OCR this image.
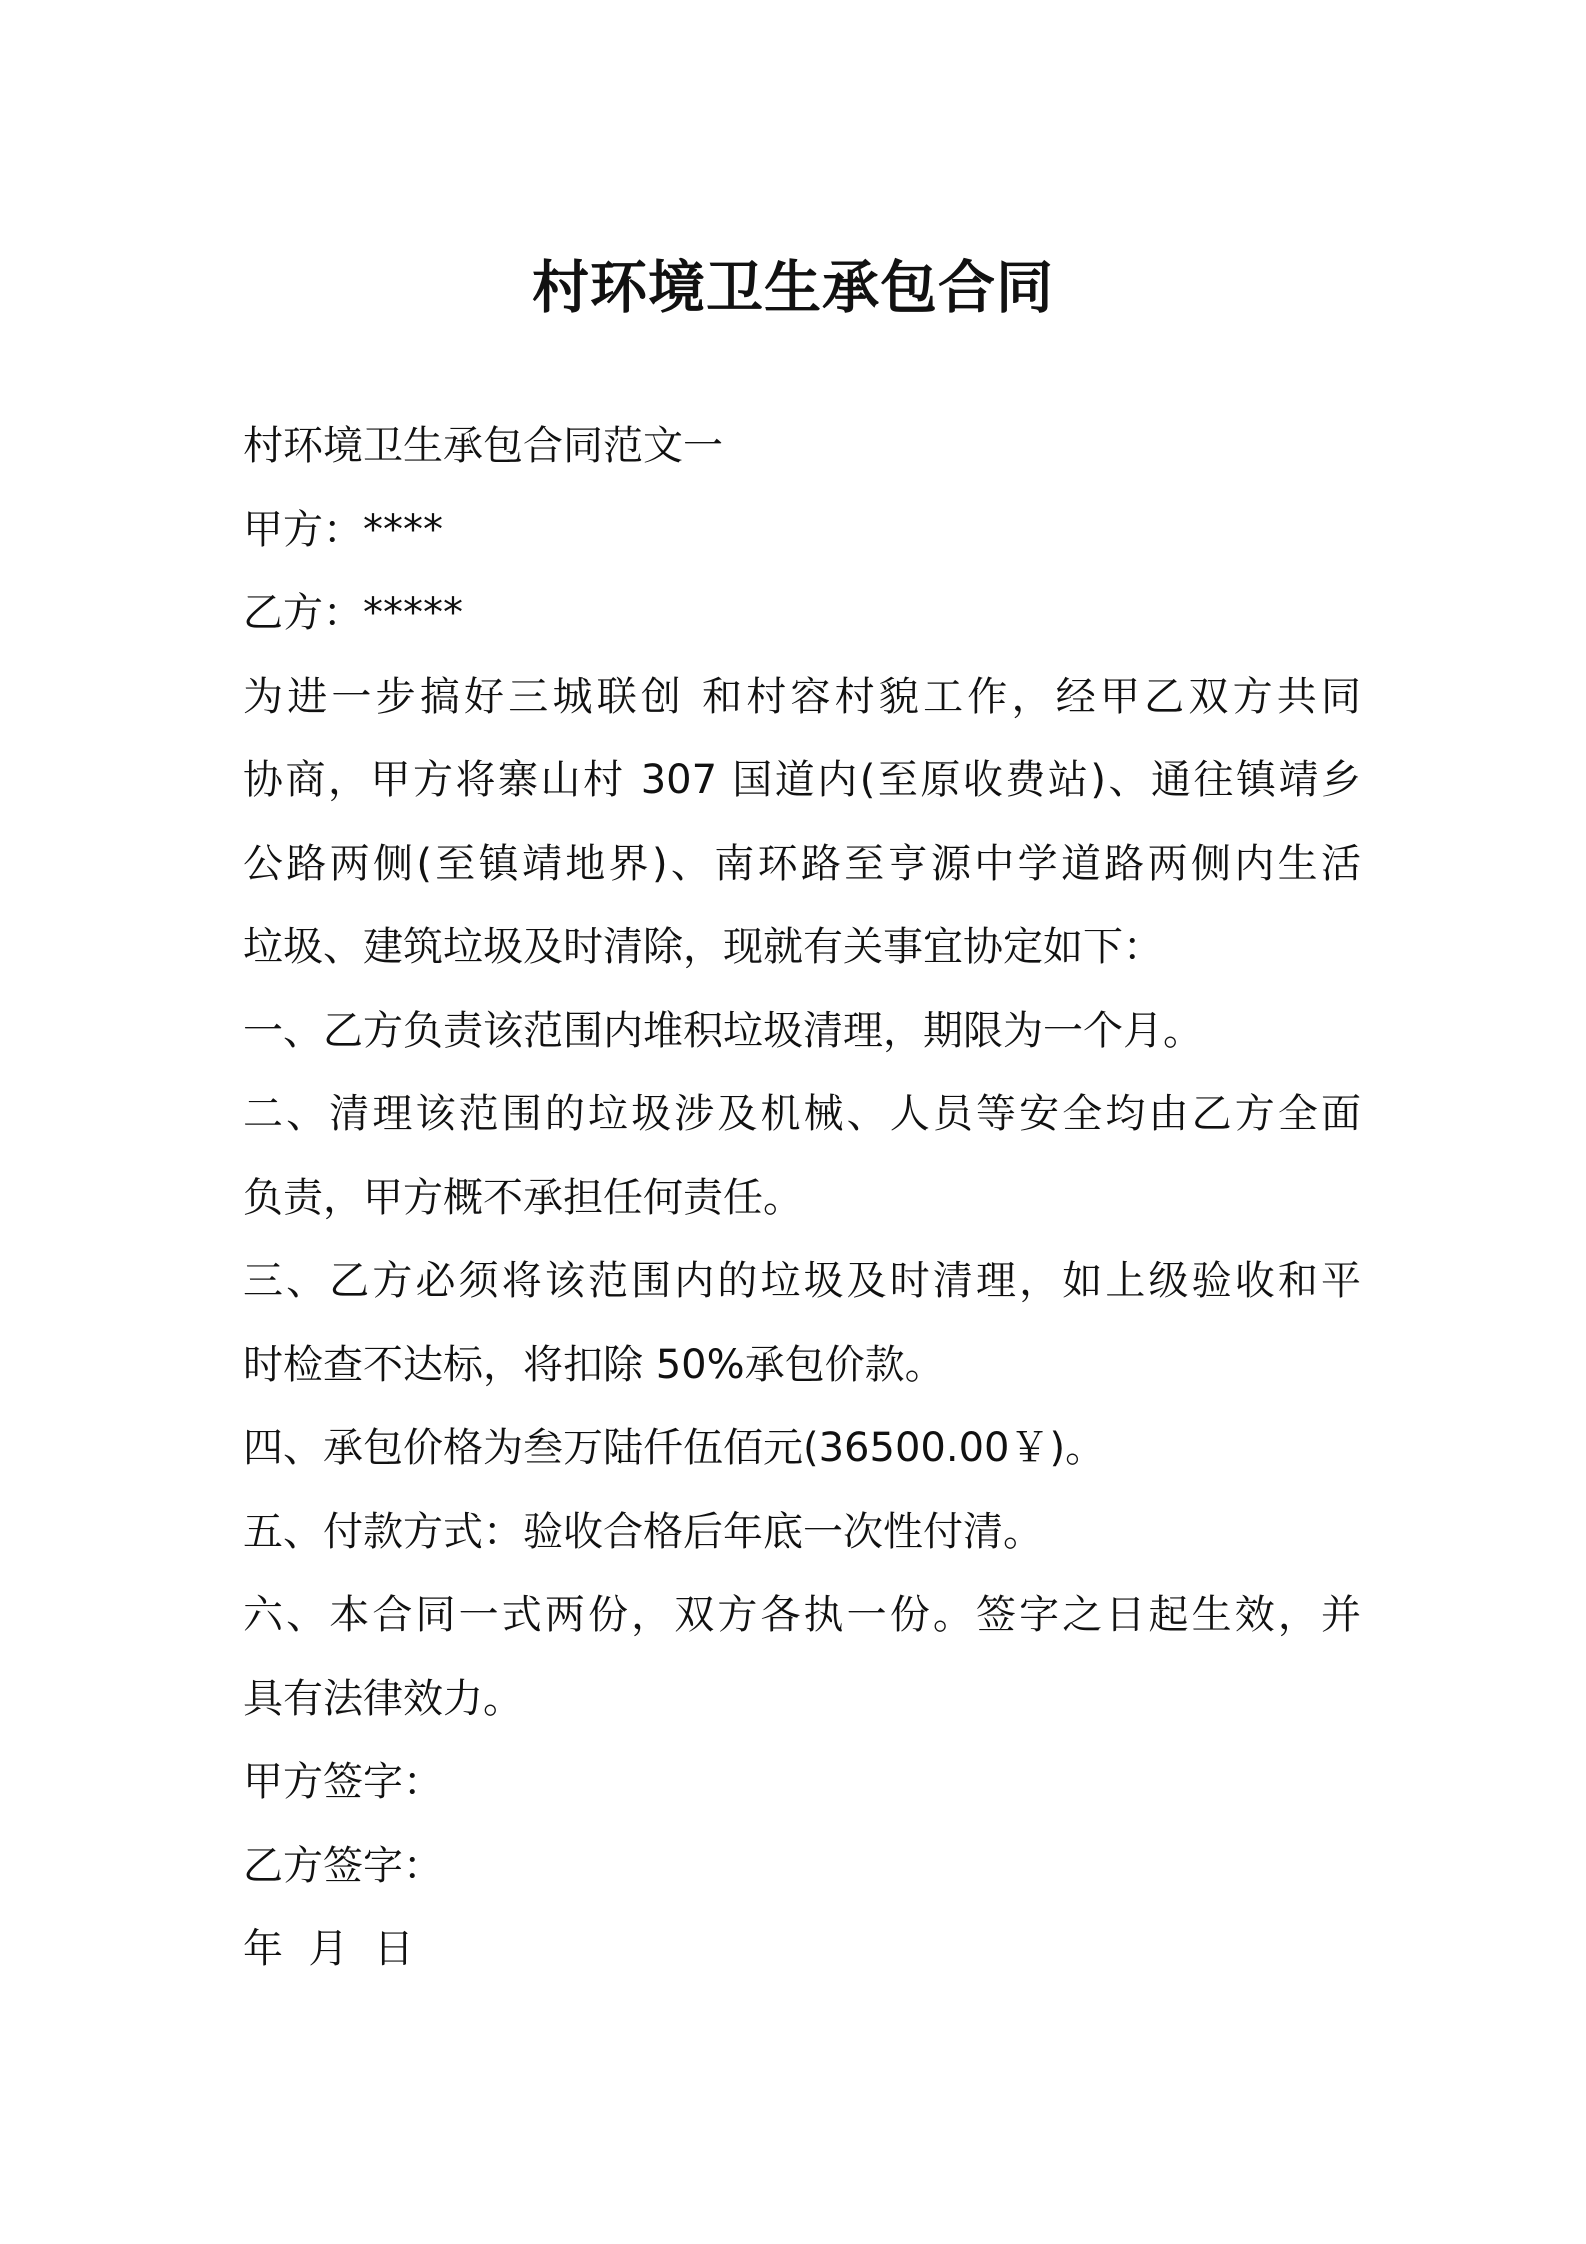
村环境卫生承包合同
村环境卫生承包合同范文一
甲方：****
乙方：*****
为进一步搞好三城联创 和村容村貌工作，经甲乙双方共同
协商，甲方将寨山村 307 国道内(至原收费站)、通往镇靖乡
公路两侧(至镇靖地界)、南环路至亨源中学道路两侧内生活
垃圾、建筑垃圾及时清除，现就有关事宜协定如下：
一、乙方负责该范围内堆积垃圾清理，期限为一个月。
二、清理该范围的垃圾涉及机械、人员等安全均由乙方全面
负责，甲方概不承担任何责任。
三、乙方必须将该范围内的垃圾及时清理，如上级验收和平
时检查不达标，将扣除 50%承包价款。
四、承包价格为叁万陆仟伍佰元(36500.00￥)。
五、付款方式：验收合格后年底一次性付清。
六、本合同一式两份，双方各执一份。签字之日起生效，并
具有法律效力。
甲方签字：
乙方签字：
年  月  日
